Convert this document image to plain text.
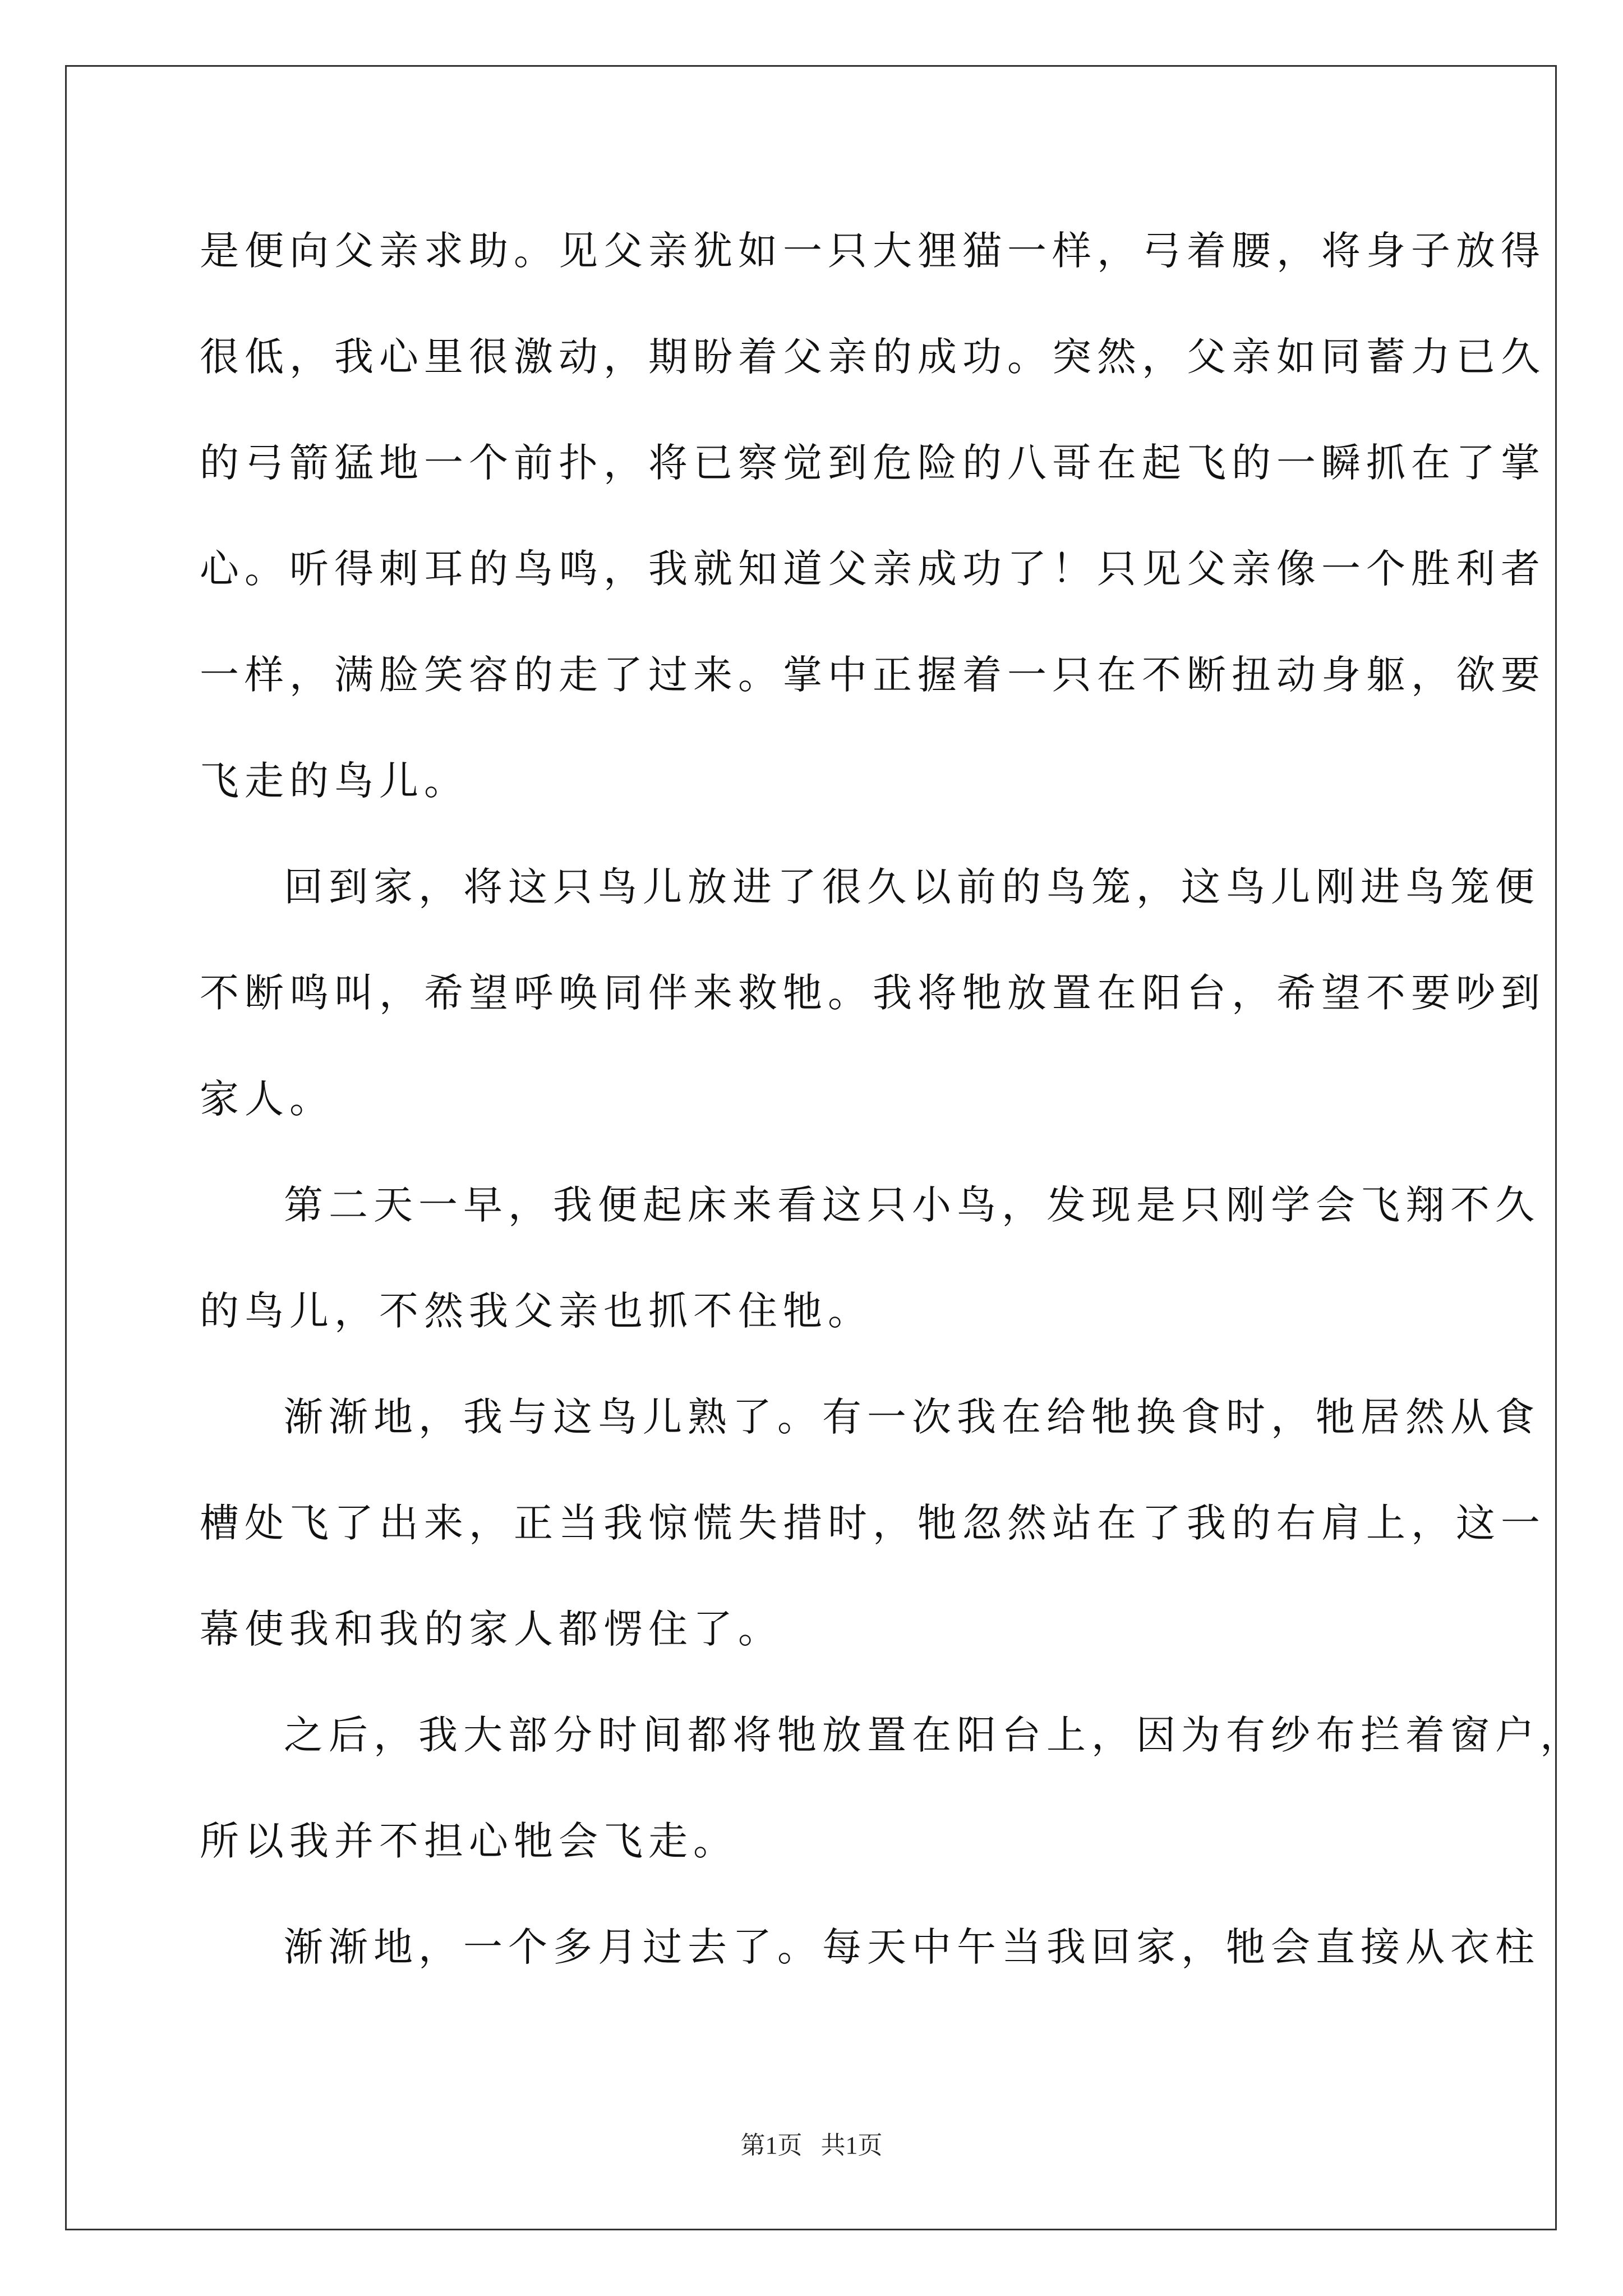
是便向父亲求助。见父亲犹如一只大狸猫一样，弓着腰，将身子放得
很低，我心里很激动，期盼着父亲的成功。突然，父亲如同蓄力已久
的弓箭猛地一个前扑，将已察觉到危险的八哥在起飞的一瞬抓在了掌
心。听得刺耳的鸟鸣，我就知道父亲成功了！只见父亲像一个胜利者
一样，满脸笑容的走了过来。掌中正握着一只在不断扭动身躯，欲要
飞走的鸟儿。
回到家，将这只鸟儿放进了很久以前的鸟笼，这鸟儿刚进鸟笼便
不断鸣叫，希望呼唤同伴来救牠。我将牠放置在阳台，希望不要吵到
家人。
第二天一早，我便起床来看这只小鸟，发现是只刚学会飞翔不久
的鸟儿，不然我父亲也抓不住牠。
渐渐地，我与这鸟儿熟了。有一次我在给牠换食时，牠居然从食
槽处飞了出来，正当我惊慌失措时，牠忽然站在了我的右肩上，这一
幕使我和我的家人都愣住了。
之后，我大部分时间都将牠放置在阳台上，因为有纱布拦着窗户，
所以我并不担心牠会飞走。
渐渐地，一个多月过去了。每天中午当我回家，牠会直接从衣柱
第1页   共1页
